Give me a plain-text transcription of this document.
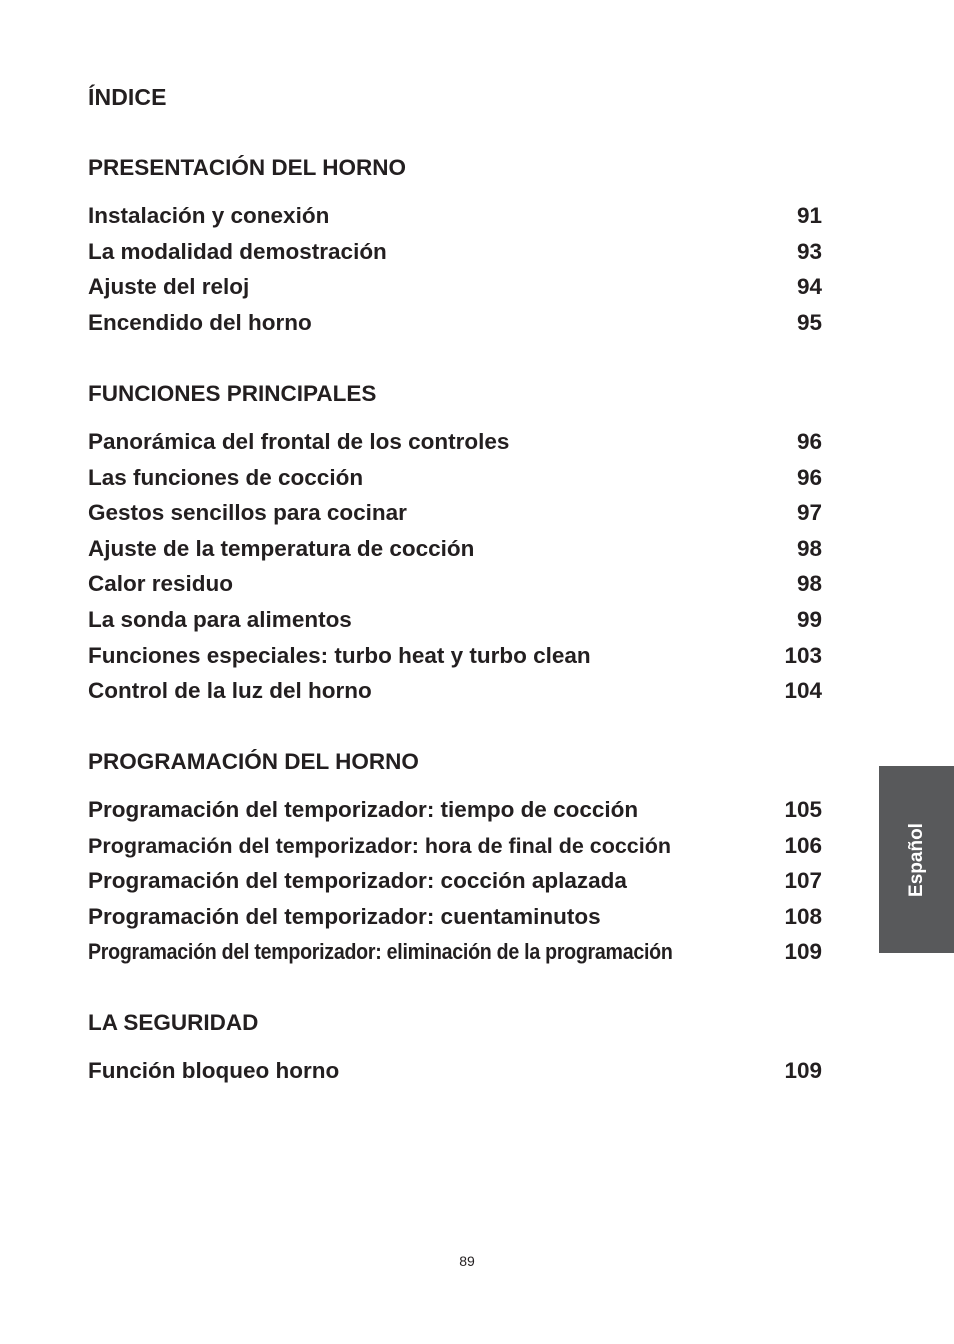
ÍNDICE
PRESENTACIÓN DEL HORNO
Instalación y conexión	91
La modalidad demostración	93
Ajuste del reloj	94
Encendido del horno	95
FUNCIONES PRINCIPALES
Panorámica del frontal de los controles	96
Las funciones de cocción	96
Gestos sencillos para cocinar	97
Ajuste de la temperatura de cocción	98
Calor residuo	98
La sonda para alimentos	99
Funciones especiales: turbo heat y turbo clean	103
Control de la luz del horno	104
PROGRAMACIÓN DEL HORNO
Programación del temporizador: tiempo de cocción	105
Programación del temporizador: hora de final de cocción	106
Programación del temporizador: cocción aplazada	107
Programación del temporizador: cuentaminutos	108
Programación del temporizador: eliminación de la programación	109
LA SEGURIDAD
Función bloqueo horno	109
Español
89
